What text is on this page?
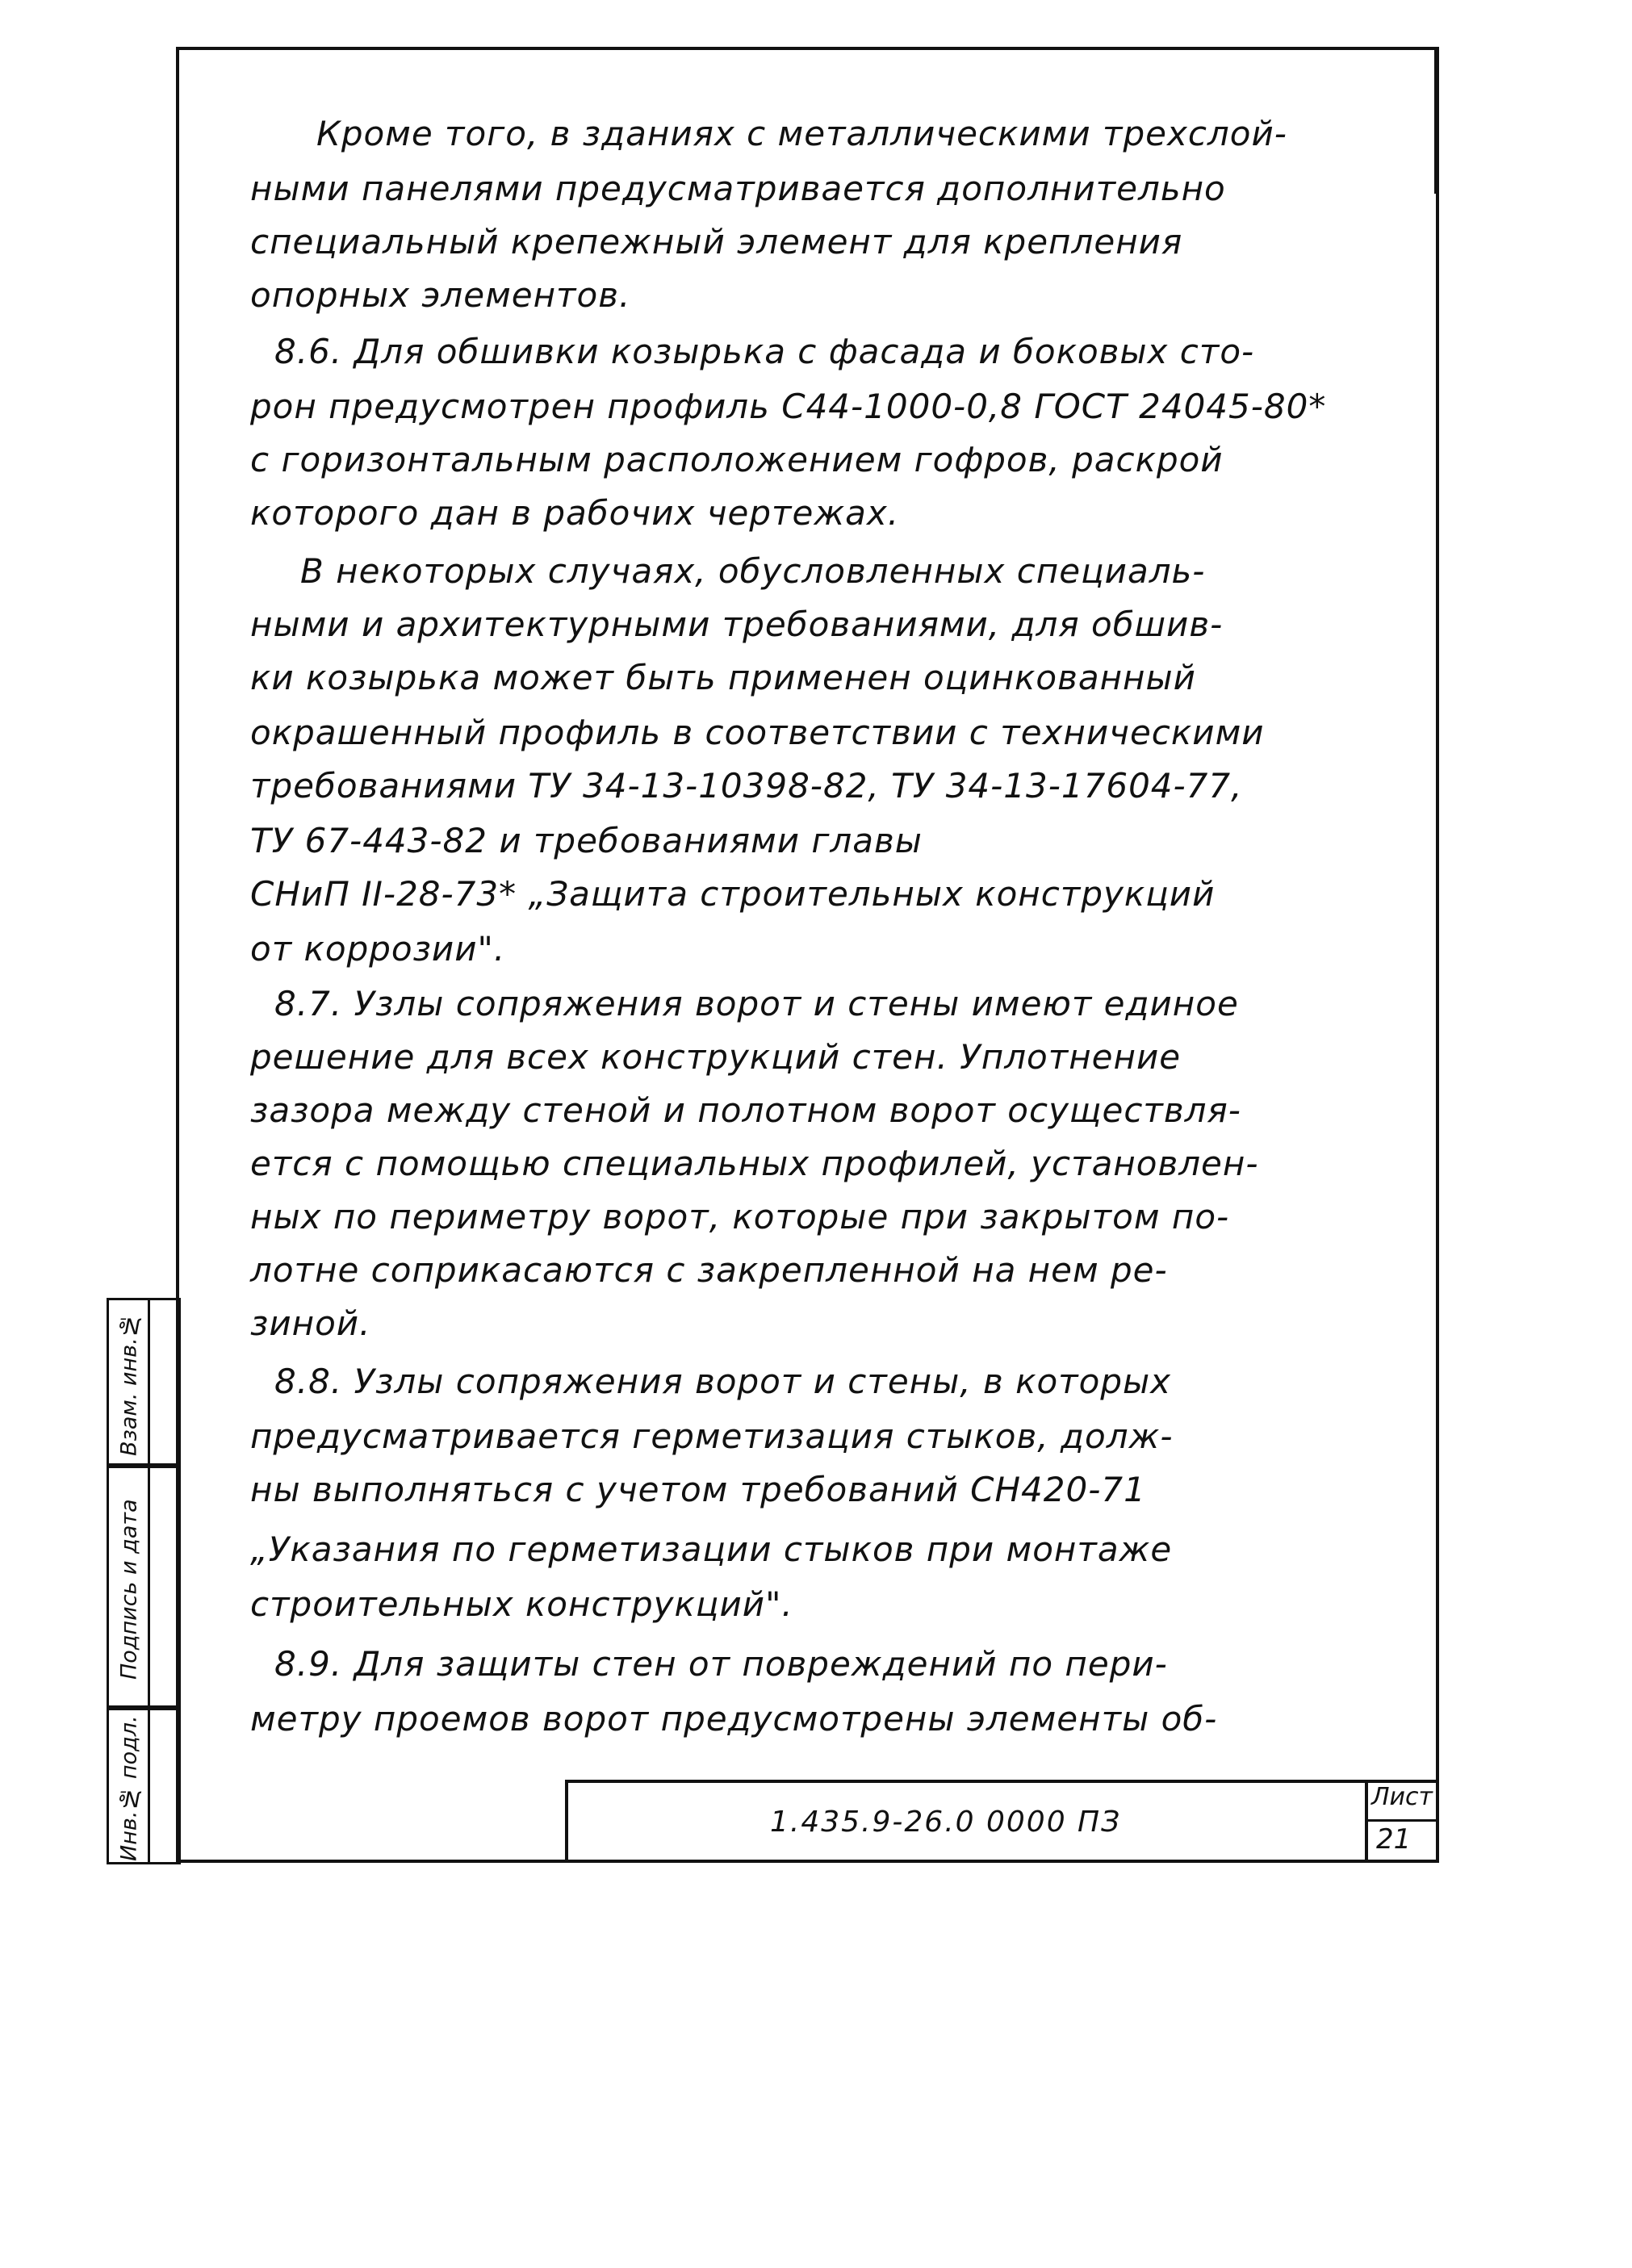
Кроме того, в зданиях с металлическими трехслой-
ными панелями предусматривается дополнительно
специальный крепежный элемент для крепления
опорных элементов.
8.6. Для обшивки козырька с фасада и боковых сто-
рон предусмотрен профиль С44-1000-0,8 ГОСТ 24045-80*
с горизонтальным расположением гофров, раскрой
которого дан в рабочих чертежах.
В некоторых случаях, обусловленных специаль-
ными и архитектурными требованиями, для обшив-
ки козырька может быть применен оцинкованный
окрашенный профиль в соответствии с техническими
требованиями ТУ 34-13-10398-82, ТУ 34-13-17604-77,
ТУ 67-443-82 и требованиями главы
СНиП II-28-73* „Защита строительных конструкций
от коррозии".
8.7. Узлы сопряжения ворот и стены имеют единое
решение для всех конструкций стен. Уплотнение
зазора между стеной и полотном ворот осуществля-
ется с помощью специальных профилей, установлен-
ных по периметру ворот, которые при закрытом по-
лотне соприкасаются с закрепленной на нем ре-
зиной.
8.8. Узлы сопряжения ворот и стены, в которых
предусматривается герметизация стыков, долж-
ны выполняться с учетом требований СН420-71
„Указания по герметизации стыков при монтаже
строительных конструкций".
8.9. Для защиты стен от повреждений по пери-
метру проемов ворот предусмотрены элементы об-
Взам. инв.№
Подпись и дата
Инв.№ подл.	1.435.9-26.0 0000 ПЗ
Лист
21
